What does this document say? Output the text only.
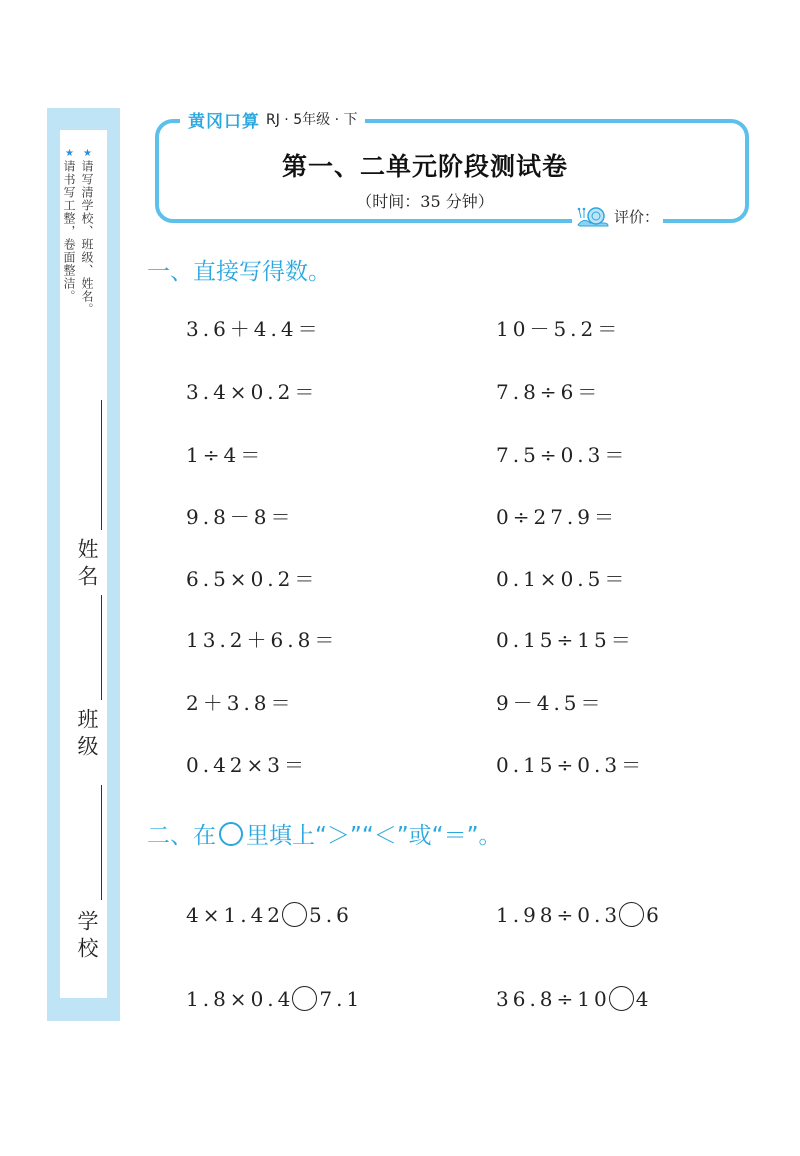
★请写清学校、班级、姓名。
★请书写工整，卷面整洁。
姓名
班级
学校
黄冈口算 RJ · 5年级 · 下
第一、二单元阶段测试卷
（时间：35 分钟）
评价：
一、直接写得数。
3.6＋4.4＝	10－5.2＝
3.4×0.2＝	7.8÷6＝
1÷4＝	7.5÷0.3＝
9.8－8＝	0÷27.9＝
6.5×0.2＝	0.1×0.5＝
13.2＋6.8＝	0.15÷15＝
2＋3.8＝	9－4.5＝
0.42×3＝	0.15÷0.3＝
二、在 里填上“＞”“＜”或“＝”。
4×1.42 5.6	1.98÷0.3 6
1.8×0.4 7.1	36.8÷10 4
